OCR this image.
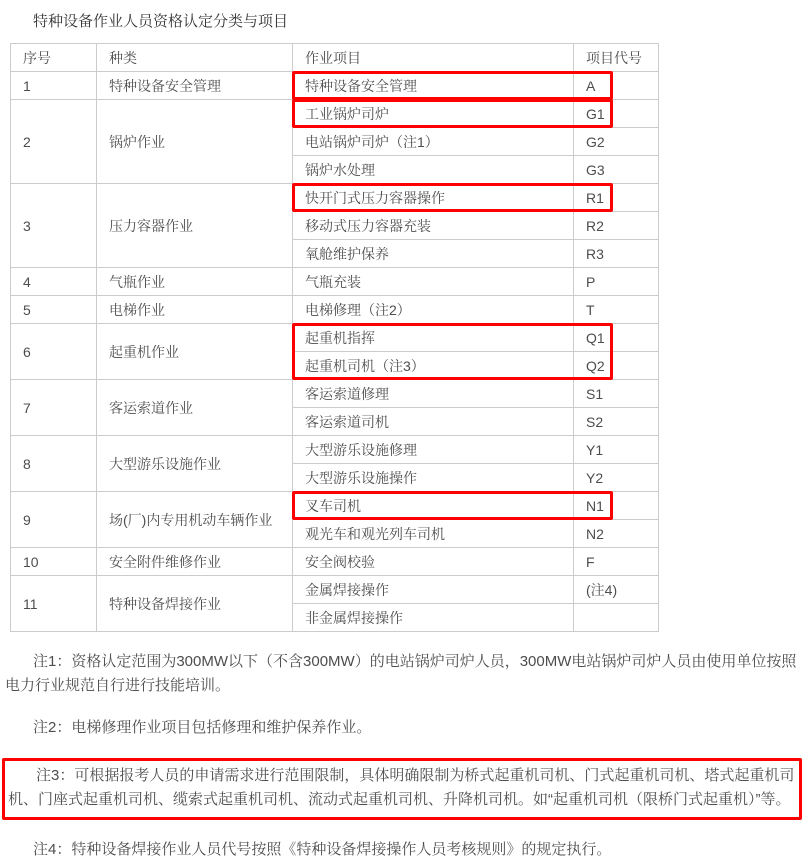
特种设备作业人员资格认定分类与项目
序号	种类	作业项目	项目代号
1	特种设备安全管理	特种设备安全管理	A
2	锅炉作业	工业锅炉司炉	G1
		电站锅炉司炉（注1）	G2
		锅炉水处理	G3
3	压力容器作业	快开门式压力容器操作	R1
		移动式压力容器充装	R2
		氧舱维护保养	R3
4	气瓶作业	气瓶充装	P
5	电梯作业	电梯修理（注2）	T
6	起重机作业	起重机指挥	Q1
		起重机司机（注3）	Q2
7	客运索道作业	客运索道修理	S1
		客运索道司机	S2
8	大型游乐设施作业	大型游乐设施修理	Y1
		大型游乐设施操作	Y2
9	场(厂)内专用机动车辆作业	叉车司机	N1
		观光车和观光列车司机	N2
10	安全附件维修作业	安全阀校验	F
11	特种设备焊接作业	金属焊接操作	(注4)
		非金属焊接操作	

注1：资格认定范围为300MW以下（不含300MW）的电站锅炉司炉人员，300MW电站锅炉司炉人员由使用单位按照电力行业规范自行进行技能培训。

注2：电梯修理作业项目包括修理和维护保养作业。

注3：可根据报考人员的申请需求进行范围限制，具体明确限制为桥式起重机司机、门式起重机司机、塔式起重机司机、门座式起重机司机、缆索式起重机司机、流动式起重机司机、升降机司机。如“起重机司机（限桥门式起重机）”等。

注4：特种设备焊接作业人员代号按照《特种设备焊接操作人员考核规则》的规定执行。
